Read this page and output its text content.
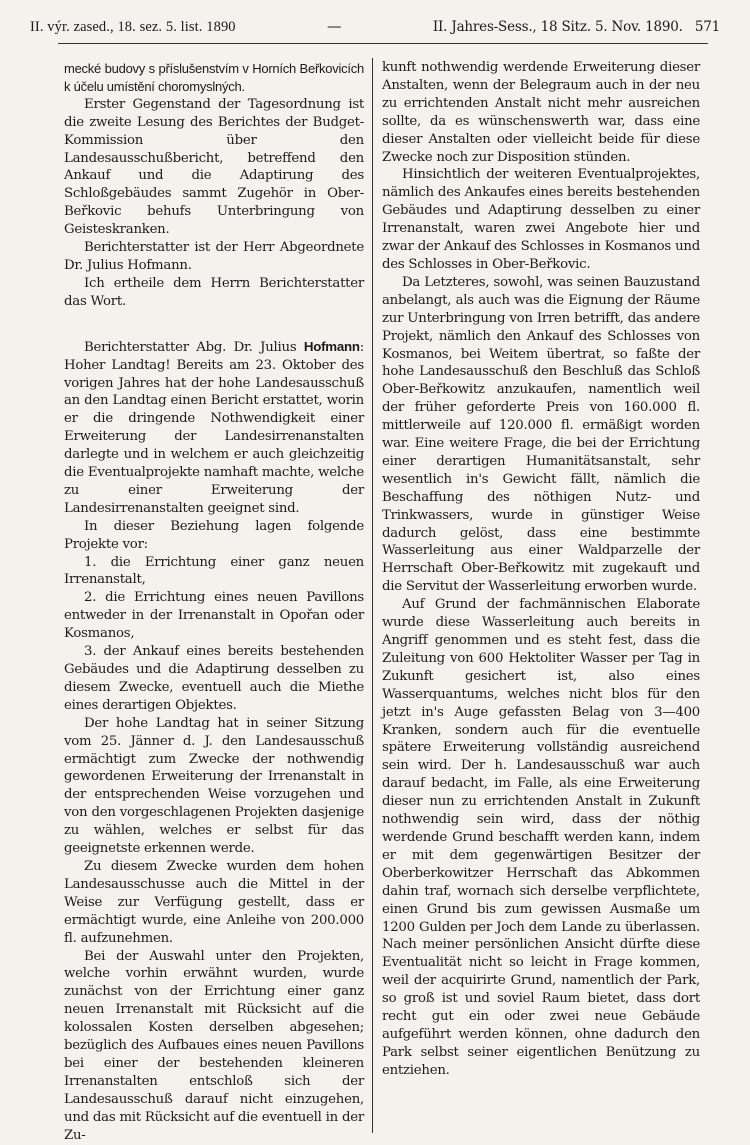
II. výr. zased., 18. sez. 5. list. 1890	—	II. Jahres-Sess., 18 Sitz. 5. Nov. 1890. 571

mecké budovy s příslušenstvím v Horních Beřkovicích k účelu umístění choromyslných.

Erster Gegenstand der Tagesordnung ist die zweite Lesung des Berichtes der Budget-Kommission über den Landesausschußbericht, betreffend den Ankauf und die Adaptirung des Schloßgebäudes sammt Zugehör in Ober-Beřkovic behufs Unterbringung von Geisteskranken.

Berichterstatter ist der Herr Abgeordnete Dr. Julius Hofmann.

Ich ertheile dem Herrn Berichterstatter das Wort.

Berichterstatter Abg. Dr. Julius Hofmann: Hoher Landtag! Bereits am 23. Oktober des vorigen Jahres hat der hohe Landesausschuß an den Landtag einen Bericht erstattet, worin er die dringende Nothwendigkeit einer Erweiterung der Landesirrenanstalten darlegte und in welchem er auch gleichzeitig die Eventualprojekte namhaft machte, welche zu einer Erweiterung der Landesirrenanstalten geeignet sind.

In dieser Beziehung lagen folgende Projekte vor:

1. die Errichtung einer ganz neuen Irrenanstalt,

2. die Errichtung eines neuen Pavillons entweder in der Irrenanstalt in Opořan oder Kosmanos,

3. der Ankauf eines bereits bestehenden Gebäudes und die Adaptirung desselben zu diesem Zwecke, eventuell auch die Miethe eines derartigen Objektes.

Der hohe Landtag hat in seiner Sitzung vom 25. Jänner d. J. den Landesausschuß ermächtigt zum Zwecke der nothwendig gewordenen Erweiterung der Irrenanstalt in der entsprechenden Weise vorzugehen und von den vorgeschlagenen Projekten dasjenige zu wählen, welches er selbst für das geeignetste erkennen werde.

Zu diesem Zwecke wurden dem hohen Landesausschusse auch die Mittel in der Weise zur Verfügung gestellt, dass er ermächtigt wurde, eine Anleihe von 200.000 fl. aufzunehmen.

Bei der Auswahl unter den Projekten, welche vorhin erwähnt wurden, wurde zunächst von der Errichtung einer ganz neuen Irrenanstalt mit Rücksicht auf die kolossalen Kosten derselben abgesehen; bezüglich des Aufbaues eines neuen Pavillons bei einer der bestehenden kleineren Irrenanstalten entschloß sich der Landesausschuß darauf nicht einzugehen, und das mit Rücksicht auf die eventuell in der Zu-

kunft nothwendig werdende Erweiterung dieser Anstalten, wenn der Belegraum auch in der neu zu errichtenden Anstalt nicht mehr ausreichen sollte, da es wünschenswerth war, dass eine dieser Anstalten oder vielleicht beide für diese Zwecke noch zur Disposition stünden.

Hinsichtlich der weiteren Eventualprojektes, nämlich des Ankaufes eines bereits bestehenden Gebäudes und Adaptirung desselben zu einer Irrenanstalt, waren zwei Angebote hier und zwar der Ankauf des Schlosses in Kosmanos und des Schlosses in Ober-Beřkovic.

Da Letzteres, sowohl, was seinen Bauzustand anbelangt, als auch was die Eignung der Räume zur Unterbringung von Irren betrifft, das andere Projekt, nämlich den Ankauf des Schlosses von Kosmanos, bei Weitem übertrat, so faßte der hohe Landesausschuß den Beschluß das Schloß Ober-Beřkowitz anzukaufen, namentlich weil der früher geforderte Preis von 160.000 fl. mittlerweile auf 120.000 fl. ermäßigt worden war. Eine weitere Frage, die bei der Errichtung einer derartigen Humanitätsanstalt, sehr wesentlich in's Gewicht fällt, nämlich die Beschaffung des nöthigen Nutz- und Trinkwassers, wurde in günstiger Weise dadurch gelöst, dass eine bestimmte Wasserleitung aus einer Waldparzelle der Herrschaft Ober-Beřkowitz mit zugekauft und die Servitut der Wasserleitung erworben wurde.

Auf Grund der fachmännischen Elaborate wurde diese Wasserleitung auch bereits in Angriff genommen und es steht fest, dass die Zuleitung von 600 Hektoliter Wasser per Tag in Zukunft gesichert ist, also eines Wasserquantums, welches nicht blos für den jetzt in's Auge gefassten Belag von 3—400 Kranken, sondern auch für die eventuelle spätere Erweiterung vollständig ausreichend sein wird. Der h. Landesausschuß war auch darauf bedacht, im Falle, als eine Erweiterung dieser nun zu errichtenden Anstalt in Zukunft nothwendig sein wird, dass der nöthig werdende Grund beschafft werden kann, indem er mit dem gegenwärtigen Besitzer der Oberberkowitzer Herrschaft das Abkommen dahin traf, wornach sich derselbe verpflichtete, einen Grund bis zum gewissen Ausmaße um 1200 Gulden per Joch dem Lande zu überlassen. Nach meiner persönlichen Ansicht dürfte diese Eventualität nicht so leicht in Frage kommen, weil der acquirirte Grund, namentlich der Park, so groß ist und soviel Raum bietet, dass dort recht gut ein oder zwei neue Gebäude aufgeführt werden können, ohne dadurch den Park selbst seiner eigentlichen Benützung zu entziehen.
